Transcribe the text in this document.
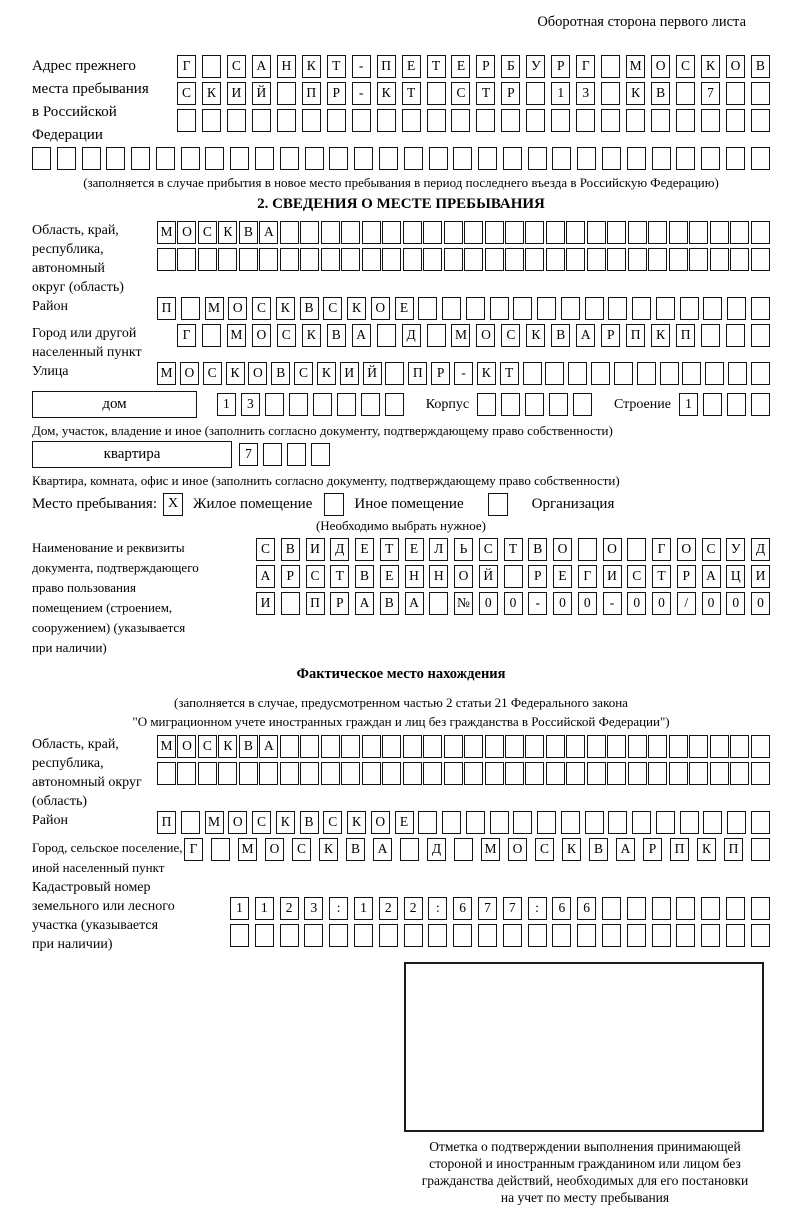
Оборотная сторона первого листа
Адрес прежнего
места пребывания
в Российской
Федерации
Г	С	А	Н	К	Т	-	П	Е	Т	Е	Р	Б	У	Р	Г	М	О	С	К	О	В
С	К	И	Й	П	Р	-	К	Т	С	Т	Р	1	3	К	В	7
(заполняется в случае прибытия в новое место пребывания в период последнего въезда в Российскую Федерацию)
2. СВЕДЕНИЯ О МЕСТЕ ПРЕБЫВАНИЯ
Область, край,
республика,
автономный
округ (область)
М О С К В А
Район	П	М О	С	К	В	С	К	О	Е
Город или другой
населенный пункт
Г	М	О	С	К	В	А	Д	М	О	С	К	В	А	Р	П	К	П
Улица	М О С	К О В	С	К И Й	П	Р	-	К	Т
дом	1	3	Корпус	Строение	1
Дом, участок, владение и иное (заполнить согласно документу, подтверждающему право собственности)
квартира	7
Квартира, комната, офис и иное (заполнить согласно документу, подтверждающему право собственности)
Место пребывания: X Жилое помещение	Иное помещение	Организация
(Необходимо выбрать нужное)
Наименование и реквизиты
документа, подтверждающего
право пользования
помещением (строением,
сооружением) (указывается
при наличии)
С	В	И	Д	Е	Т	Е	Л	Ь	С	Т	В	О	О	Г	О	С	У	Д
А	Р	С	Т	В	Е	Н	Н	О	Й	Р	Е	Г	И	С	Т	Р	А	Ц	И
И	П	Р	А	В	А	№	0	0	-	0	0	-	0	0	/	0	0	0
Фактическое место нахождения
(заполняется в случае, предусмотренном частью 2 статьи 21 Федерального закона
"О миграционном учете иностранных граждан и лиц без гражданства в Российской Федерации")
Область, край,
республика,
автономный округ
(область)
М О С К В А
Район	П	М О	С	К	В	С	К	О	Е
Город, сельское поселение,
иной населенный пункт
Г	М	О	С	К	В	А	Д	М	О	С	К	В	А	Р	П	К	П
Кадастровый номер
земельного или лесного
участка (указывается
при наличии)
1	1	2	3	:	1	2	2	:	6	7	7	:	6	6
Отметка о подтверждении выполнения принимающей
стороной и иностранным гражданином или лицом без
гражданства действий, необходимых для его постановки
на учет по месту пребывания
